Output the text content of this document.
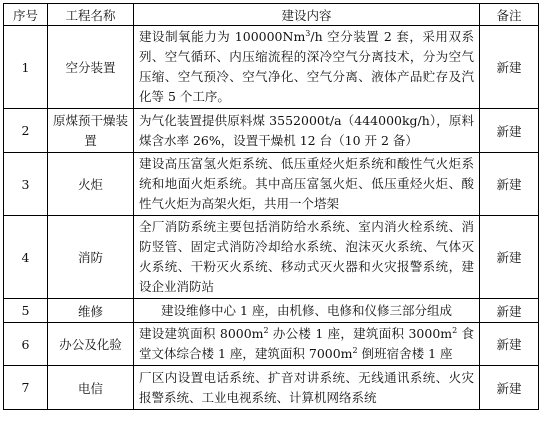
序号	工程名称	建设内容	备注
1	空分装置	建设制氧能力为 100000Nm$^3$/h 空分装置 2 套，采用双系列、空气循环、内压缩流程的深冷空气分离技术，分为空气压缩、空气预冷、空气净化、空气分离、液体产品贮存及汽化等 5 个工序。	新建
2	原煤预干燥装置	为气化装置提供原料煤 3552000t/a（444000kg/h），原料煤含水率 26%，设置干燥机 12 台（10 开 2 备）	新建
3	火炬	建设高压富氢火炬系统、低压重烃火炬系统和酸性气火炬系统和地面火炬系统。其中高压富氢火炬、低压重烃火炬、酸性气火炬为高架火炬，共用一个塔架	新建
4	消防	全厂消防系统主要包括消防给水系统、室内消火栓系统、消防竖管、固定式消防冷却给水系统、泡沫灭火系统、气体灭火系统、干粉灭火系统、移动式灭火器和火灾报警系统，建设企业消防站	新建
5	维修	建设维修中心 1 座，由机修、电修和仪修三部分组成	新建
6	办公及化验	建设建筑面积 $8000m^2$ 办公楼 1 座，建筑面积 $3000m^2$ 食堂文体综合楼 1 座，建筑面积 $7000m^2$ 倒班宿舍楼 1 座	新建
7	电信	厂区内设置电话系统、扩音对讲系统、无线通讯系统、火灾报警系统、工业电视系统、计算机网络系统	新建
